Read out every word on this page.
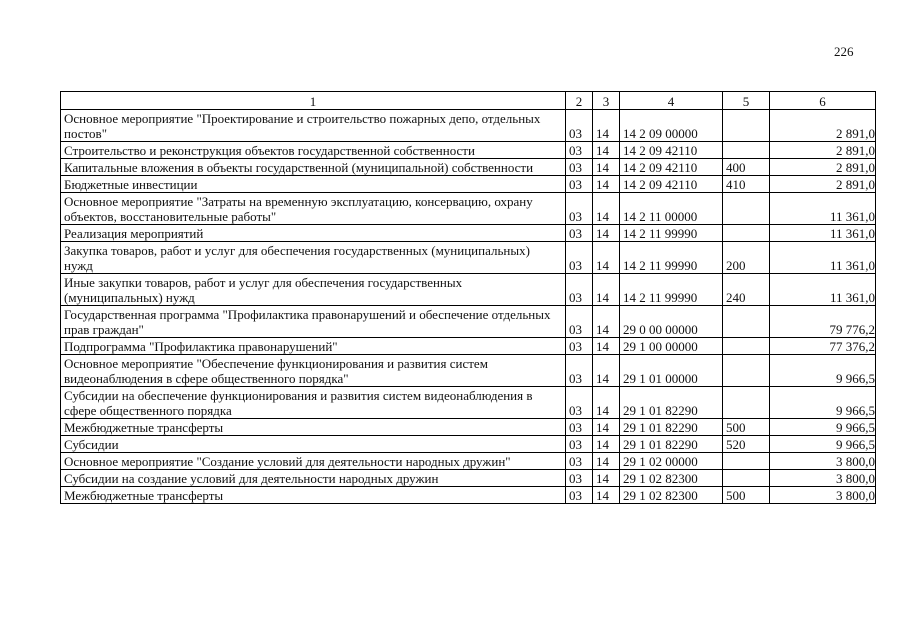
226
1	2	3	4	5	6
Основное мероприятие "Проектирование и строительство пожарных депо, отдельных постов"	03	14	14 2 09 00000		2 891,0
Строительство и реконструкция объектов государственной собственности	03	14	14 2 09 42110		2 891,0
Капитальные вложения в объекты государственной (муниципальной) собственности	03	14	14 2 09 42110	400	2 891,0
Бюджетные инвестиции	03	14	14 2 09 42110	410	2 891,0
Основное мероприятие "Затраты на временную эксплуатацию, консервацию, охрану объектов, восстановительные работы"	03	14	14 2 11 00000		11 361,0
Реализация мероприятий	03	14	14 2 11 99990		11 361,0
Закупка товаров, работ и услуг для обеспечения государственных (муниципальных) нужд	03	14	14 2 11 99990	200	11 361,0
Иные закупки товаров, работ и услуг для обеспечения государственных (муниципальных) нужд	03	14	14 2 11 99990	240	11 361,0
Государственная программа "Профилактика правонарушений и обеспечение отдельных прав граждан"	03	14	29 0 00 00000		79 776,2
Подпрограмма "Профилактика правонарушений"	03	14	29 1 00 00000		77 376,2
Основное мероприятие "Обеспечение функционирования и развития систем видеонаблюдения в сфере общественного порядка"	03	14	29 1 01 00000		9 966,5
Субсидии на обеспечение функционирования и развития систем видеонаблюдения в сфере общественного порядка	03	14	29 1 01 82290		9 966,5
Межбюджетные трансферты	03	14	29 1 01 82290	500	9 966,5
Субсидии	03	14	29 1 01 82290	520	9 966,5
Основное мероприятие "Создание условий для деятельности народных дружин"	03	14	29 1 02 00000		3 800,0
Субсидии на создание условий для деятельности народных дружин	03	14	29 1 02 82300		3 800,0
Межбюджетные трансферты	03	14	29 1 02 82300	500	3 800,0
